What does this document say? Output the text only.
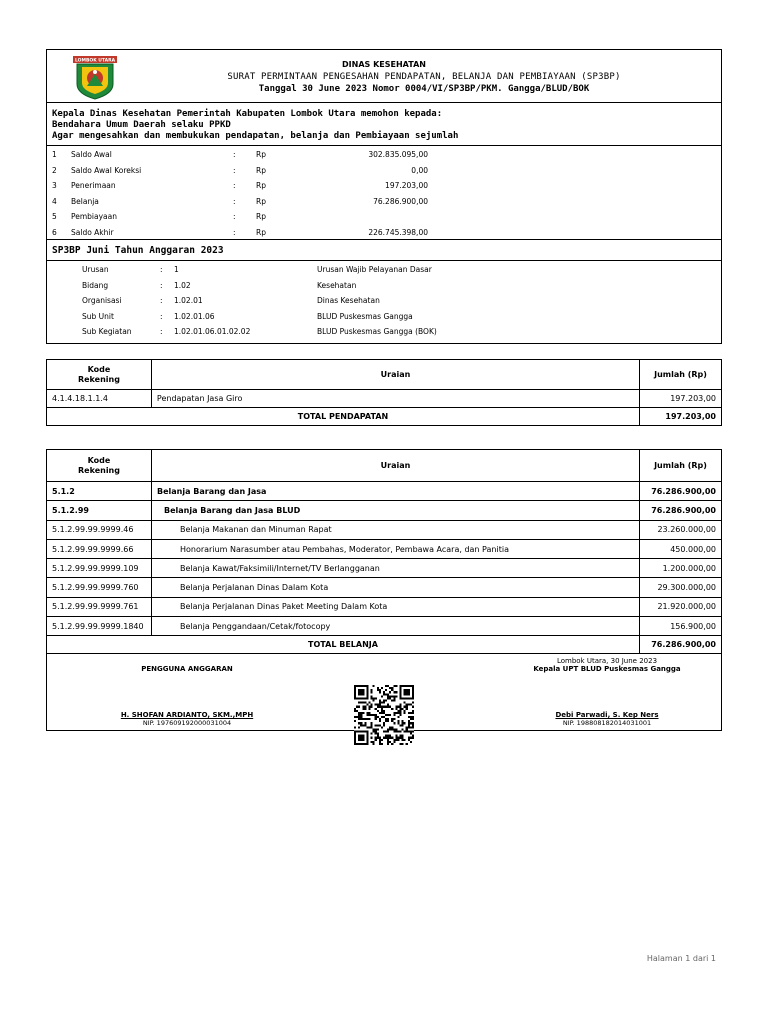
LOMBOK UTARA	DINAS KESEHATAN
SURAT PERMINTAAN PENGESAHAN PENDAPATAN, BELANJA DAN PEMBIAYAAN (SP3BP)
Tanggal 30 June 2023 Nomor 0004/VI/SP3BP/PKM. Gangga/BLUD/BOK
Kepala Dinas Kesehatan Pemerintah Kabupaten Lombok Utara memohon kepada:
Bendahara Umum Daerah selaku PPKD
Agar mengesahkan dan membukukan pendapatan, belanja dan Pembiayaan sejumlah
1 Saldo Awal	:	Rp	302.835.095,00
2 Saldo Awal Koreksi	:	Rp	0,00
3 Penerimaan	:	Rp	197.203,00
4 Belanja	:	Rp	76.286.900,00
5 Pembiayaan	:	Rp
6 Saldo Akhir	:	Rp	226.745.398,00
SP3BP Juni Tahun Anggaran 2023
Urusan	: 1	Urusan Wajib Pelayanan Dasar
Bidang	: 1.02	Kesehatan
Organisasi	: 1.02.01	Dinas Kesehatan
Sub Unit	: 1.02.01.06	BLUD Puskesmas Gangga
Sub Kegiatan	: 1.02.01.06.01.02.02	BLUD Puskesmas Gangga (BOK)
Kode
Rekening	Uraian	Jumlah (Rp)
4.1.4.18.1.1.4	Pendapatan Jasa Giro	197.203,00
TOTAL PENDAPATAN		197.203,00
Kode
Rekening	Uraian	Jumlah (Rp)
5.1.2	Belanja Barang dan Jasa	76.286.900,00
5.1.2.99	Belanja Barang dan Jasa BLUD	76.286.900,00
5.1.2.99.99.9999.46	Belanja Makanan dan Minuman Rapat	23.260.000,00
5.1.2.99.99.9999.66	Honorarium Narasumber atau Pembahas, Moderator, Pembawa Acara, dan Panitia	450.000,00
5.1.2.99.99.9999.109	Belanja Kawat/Faksimili/Internet/TV Berlangganan	1.200.000,00
5.1.2.99.99.9999.760	Belanja Perjalanan Dinas Dalam Kota	29.300.000,00
5.1.2.99.99.9999.761	Belanja Perjalanan Dinas Paket Meeting Dalam Kota	21.920.000,00
5.1.2.99.99.9999.1840	Belanja Penggandaan/Cetak/fotocopy	156.900,00
TOTAL BELANJA		76.286.900,00
PENGGUNA ANGGARAN
H. SHOFAN ARDIANTO, SKM.,MPH
NIP. 197609192000031004
Lombok Utara, 30 June 2023
Kepala UPT BLUD Puskesmas Gangga
Debi Parwadi, S. Kep Ners
NIP. 198808182014031001
Halaman 1 dari 1
